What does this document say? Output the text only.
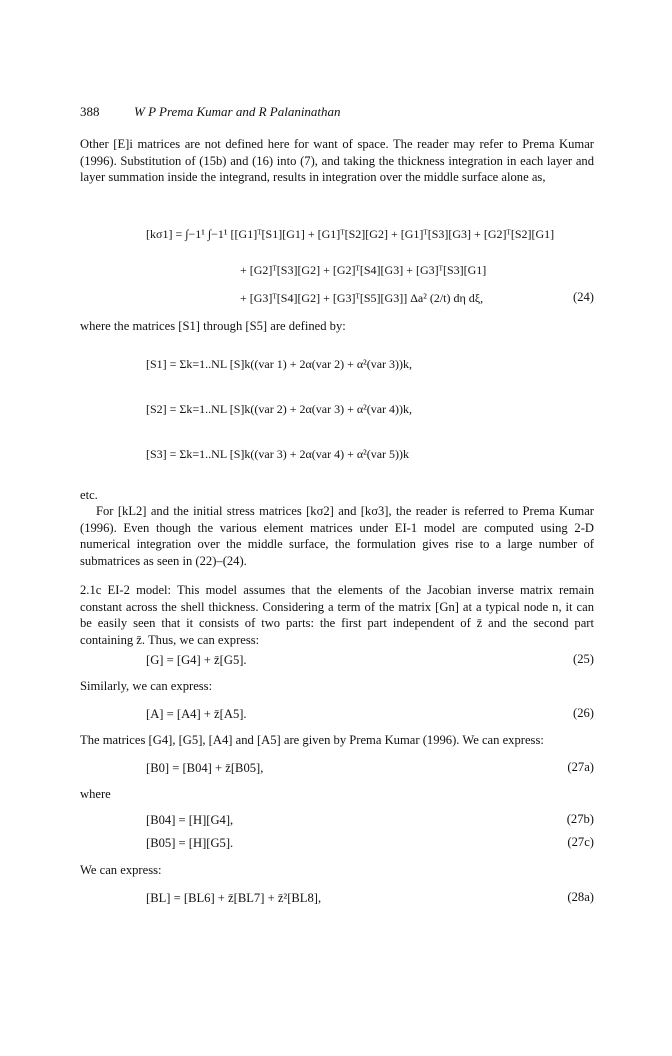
388	W P Prema Kumar and R Palaninathan

Other [E]i matrices are not defined here for want of space. The reader may refer to Prema Kumar (1996). Substitution of (15b) and (16) into (7), and taking the thickness integration in each layer and layer summation inside the integrand, results in integration over the middle surface alone as,

[kσ1] = ∫−1¹ ∫−1¹ [[G1]ᵀ[S1][G1] + [G1]ᵀ[S2][G2] + [G1]ᵀ[S3][G3] + [G2]ᵀ[S2][G1]
+ [G2]ᵀ[S3][G2] + [G2]ᵀ[S4][G3] + [G3]ᵀ[S3][G1]
+ [G3]ᵀ[S4][G2] + [G3]ᵀ[S5][G3]] Δa² (2/t) dη dξ,	(24)

where the matrices [S1] through [S5] are defined by:

[S1] = Σk=1..NL [S]k((var 1) + 2α(var 2) + α²(var 3))k,
[S2] = Σk=1..NL [S]k((var 2) + 2α(var 3) + α²(var 4))k,
[S3] = Σk=1..NL [S]k((var 3) + 2α(var 4) + α²(var 5))k

etc.

For [kL2] and the initial stress matrices [kσ2] and [kσ3], the reader is referred to Prema Kumar (1996). Even though the various element matrices under EI-1 model are computed using 2-D numerical integration over the middle surface, the formulation gives rise to a large number of submatrices as seen in (22)–(24).

2.1c EI-2 model: This model assumes that the elements of the Jacobian inverse matrix remain constant across the shell thickness. Considering a term of the matrix [Gn] at a typical node n, it can be easily seen that it consists of two parts: the first part independent of z̄ and the second part containing z̄. Thus, we can express:

[G] = [G4] + z̄[G5].	(25)

Similarly, we can express:

[A] = [A4] + z̄[A5].	(26)

The matrices [G4], [G5], [A4] and [A5] are given by Prema Kumar (1996). We can express:

[B0] = [B04] + z̄[B05],	(27a)

where

[B04] = [H][G4],	(27b)
[B05] = [H][G5].	(27c)

We can express:

[BL] = [BL6] + z̄[BL7] + z̄²[BL8],	(28a)
